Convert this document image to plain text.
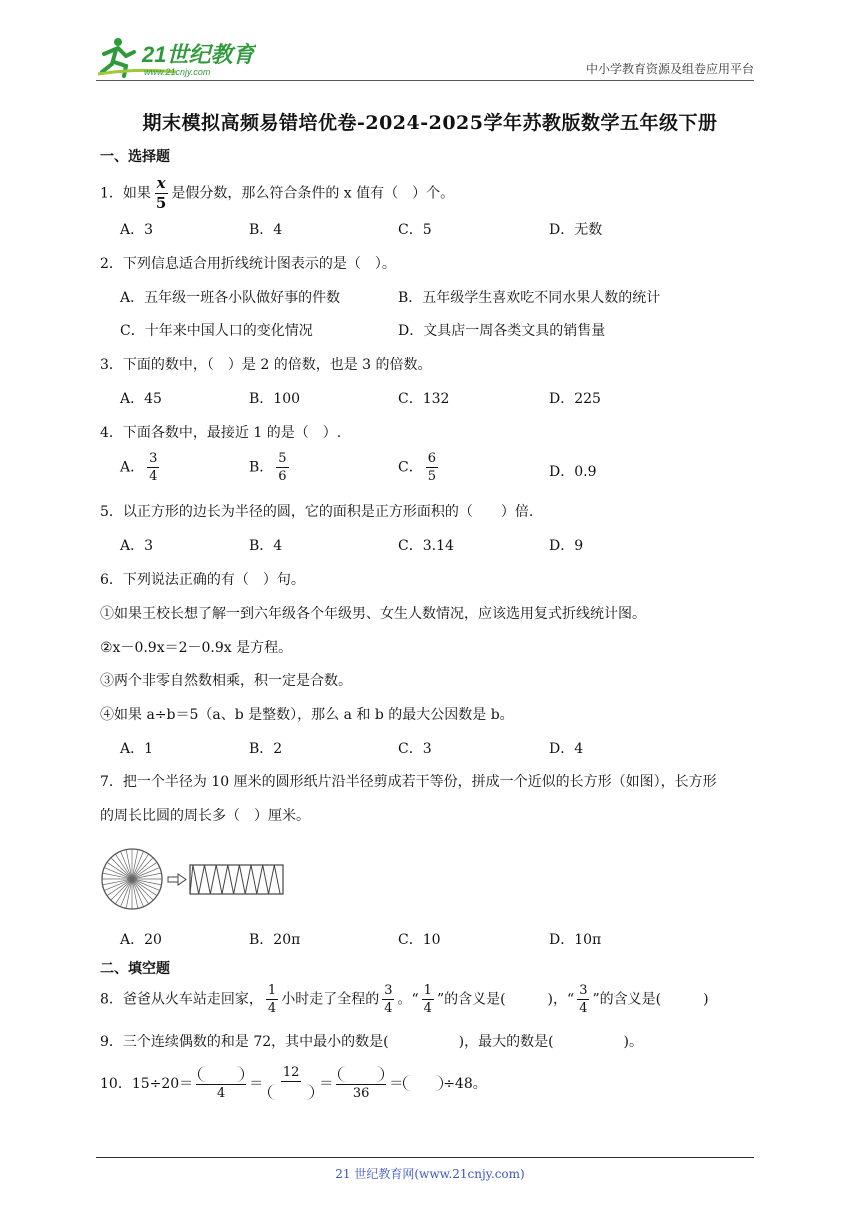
21世纪教育
www.21cnjy.com	中小学教育资源及组卷应用平台
期末模拟高频易错培优卷-2024-2025学年苏教版数学五年级下册
一、选择题
1．如果 $\frac{x}{5}$ 是假分数，那么符合条件的 x 值有（　）个。
A．3	B．4	C．5	D．无数
2．下列信息适合用折线统计图表示的是（　）。
A．五年级一班各小队做好事的件数	B．五年级学生喜欢吃不同水果人数的统计
C．十年来中国人口的变化情况	D．文具店一周各类文具的销售量
3．下面的数中，（　）是 2 的倍数，也是 3 的倍数。
A．45	B．100	C．132	D．225
4．下面各数中，最接近 1 的是（　）.
A． $\frac{3}{4}$	B． $\frac{5}{6}$	C． $\frac{6}{5}$	D．0.9
5．以正方形的边长为半径的圆，它的面积是正方形面积的（　　）倍.
A．3	B．4	C．3.14	D．9
6．下列说法正确的有（　）句。
①如果王校长想了解一到六年级各个年级男、女生人数情况，应该选用复式折线统计图。
②x－0.9x＝2－0.9x 是方程。
③两个非零自然数相乘，积一定是合数。
④如果 a÷b＝5（a、b 是整数），那么 a 和 b 的最大公因数是 b。
A．1	B．2	C．3	D．4
7．把一个半径为 10 厘米的圆形纸片沿半径剪成若干等份，拼成一个近似的长方形（如图），长方形
的周长比圆的周长多（　）厘米。
A．20	B．20π	C．10	D．10π
二、填空题
8．爸爸从火车站走回家， $\frac{1}{4}$ 小时走了全程的 $\frac{3}{4}$ 。“ $\frac{1}{4}$ ”的含义是(　　　)，“ $\frac{3}{4}$ ”的含义是(　　　)
9．三个连续偶数的和是 72，其中最小的数是(　　　　　)，最大的数是(　　　　　)。
10．15÷20＝
4
＝
12
＝
36
＝	÷48。
21 世纪教育网(www.21cnjy.com)
